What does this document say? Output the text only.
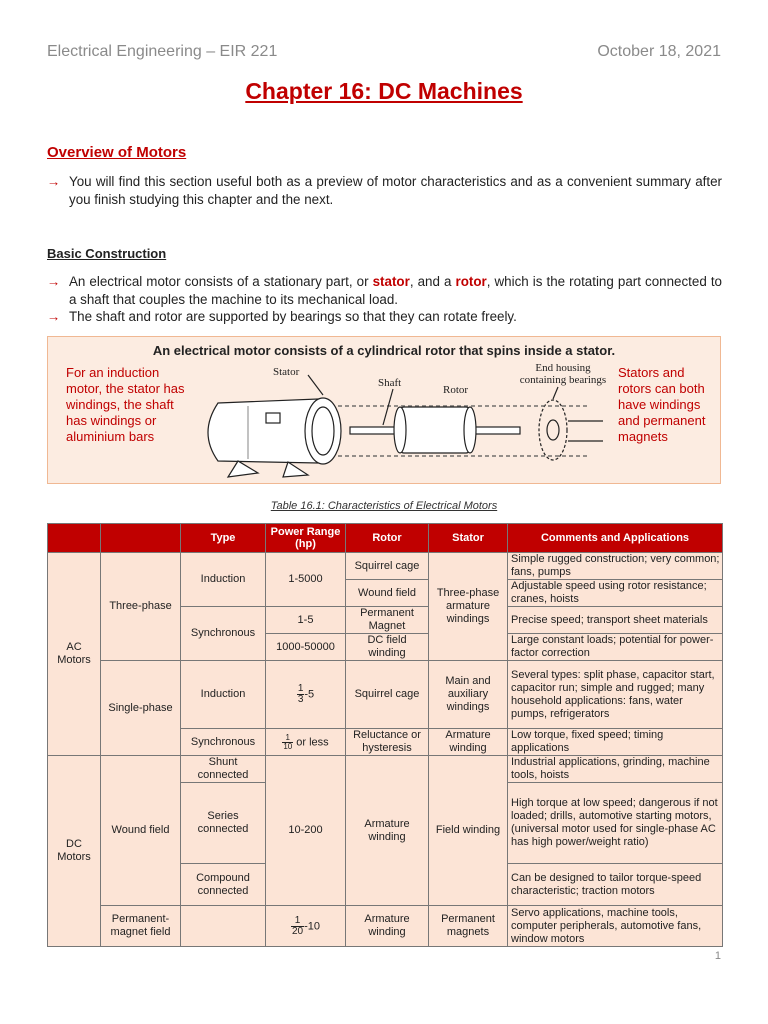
Electrical Engineering – EIR 221	October 18, 2021
Chapter 16: DC Machines
Overview of Motors
→ You will find this section useful both as a preview of motor characteristics and as a convenient summary after you finish studying this chapter and the next.
Basic Construction
→ An electrical motor consists of a stationary part, or stator, and a rotor, which is the rotating part connected to a shaft that couples the machine to its mechanical load.
→ The shaft and rotor are supported by bearings so that they can rotate freely.
An electrical motor consists of a cylindrical rotor that spins inside a stator.
For an induction motor, the stator has windings, the shaft has windings or aluminium bars
Stators and rotors can both have windings and permanent magnets
Stator
Shaft
Rotor
End housing
containing bearings
Table 16.1: Characteristics of Electrical Motors
		Type	Power Range (hp)	Rotor	Stator	Comments and Applications
AC Motors	Three-phase	Induction	1-5000	Squirrel cage	Three-phase armature windings	Simple rugged construction; very common; fans, pumps
				Wound field		Adjustable speed using rotor resistance; cranes, hoists
		Synchronous	1-5	Permanent Magnet		Precise speed; transport sheet materials
			1000-50000	DC field winding		Large constant loads; potential for power-factor correction
	Single-phase	Induction	$\frac{1}{3} -5$	Squirrel cage	Main and auxiliary windings	Several types: split phase, capacitor start, capacitor run; simple and rugged; many household applications: fans, water pumps, refrigerators
		Synchronous	$\frac{1}{10}$ or less	Reluctance or hysteresis	Armature winding	Low torque, fixed speed; timing applications
DC Motors	Wound field	Shunt connected	10-200	Armature winding	Field winding	Industrial applications, grinding, machine tools, hoists
		Series connected				High torque at low speed; dangerous if not loaded; drills, automotive starting motors, (universal motor used for single-phase AC has high power/weight ratio)
		Compound connected				Can be designed to tailor torque-speed characteristic; traction motors
	Permanent-magnet field		$\frac{1}{20} -10$	Armature winding	Permanent magnets	Servo applications, machine tools, computer peripherals, automotive fans, window motors
1
